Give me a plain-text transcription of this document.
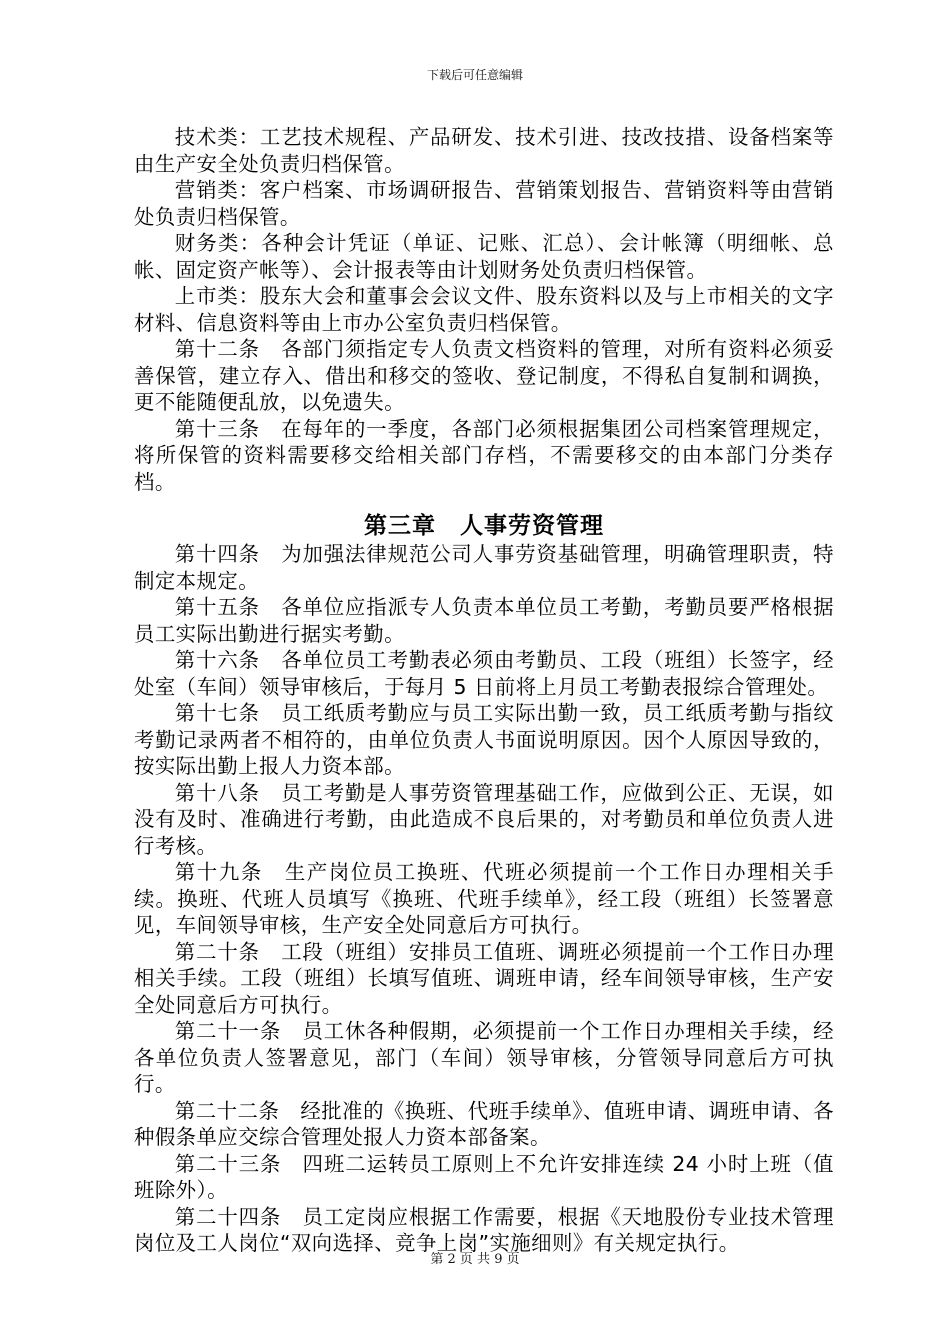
下载后可任意编辑

技术类：工艺技术规程、产品研发、技术引进、技改技措、设备档案等由生产安全处负责归档保管。

营销类：客户档案、市场调研报告、营销策划报告、营销资料等由营销处负责归档保管。

财务类：各种会计凭证（单证、记账、汇总）、会计帐簿（明细帐、总帐、固定资产帐等）、会计报表等由计划财务处负责归档保管。

上市类：股东大会和董事会会议文件、股东资料以及与上市相关的文字材料、信息资料等由上市办公室负责归档保管。

第十二条　各部门须指定专人负责文档资料的管理，对所有资料必须妥善保管，建立存入、借出和移交的签收、登记制度，不得私自复制和调换，更不能随便乱放，以免遗失。

第十三条　在每年的一季度，各部门必须根据集团公司档案管理规定，将所保管的资料需要移交给相关部门存档，不需要移交的由本部门分类存档。

第三章　人事劳资管理

第十四条　为加强法律规范公司人事劳资基础管理，明确管理职责，特制定本规定。

第十五条　各单位应指派专人负责本单位员工考勤，考勤员要严格根据员工实际出勤进行据实考勤。

第十六条　各单位员工考勤表必须由考勤员、工段（班组）长签字，经处室（车间）领导审核后，于每月 5 日前将上月员工考勤表报综合管理处。

第十七条　员工纸质考勤应与员工实际出勤一致，员工纸质考勤与指纹考勤记录两者不相符的，由单位负责人书面说明原因。因个人原因导致的，按实际出勤上报人力资本部。

第十八条　员工考勤是人事劳资管理基础工作，应做到公正、无误，如没有及时、准确进行考勤，由此造成不良后果的，对考勤员和单位负责人进行考核。

第十九条　生产岗位员工换班、代班必须提前一个工作日办理相关手续。换班、代班人员填写《换班、代班手续单》，经工段（班组）长签署意见，车间领导审核，生产安全处同意后方可执行。

第二十条　工段（班组）安排员工值班、调班必须提前一个工作日办理相关手续。工段（班组）长填写值班、调班申请，经车间领导审核，生产安全处同意后方可执行。

第二十一条　员工休各种假期，必须提前一个工作日办理相关手续，经各单位负责人签署意见，部门（车间）领导审核，分管领导同意后方可执行。

第二十二条　经批准的《换班、代班手续单》、值班申请、调班申请、各种假条单应交综合管理处报人力资本部备案。

第二十三条　四班二运转员工原则上不允许安排连续 24 小时上班（值班除外）。

第二十四条　员工定岗应根据工作需要，根据《天地股份专业技术管理岗位及工人岗位“双向选择、竞争上岗”实施细则》有关规定执行。

第 2 页 共 9 页
